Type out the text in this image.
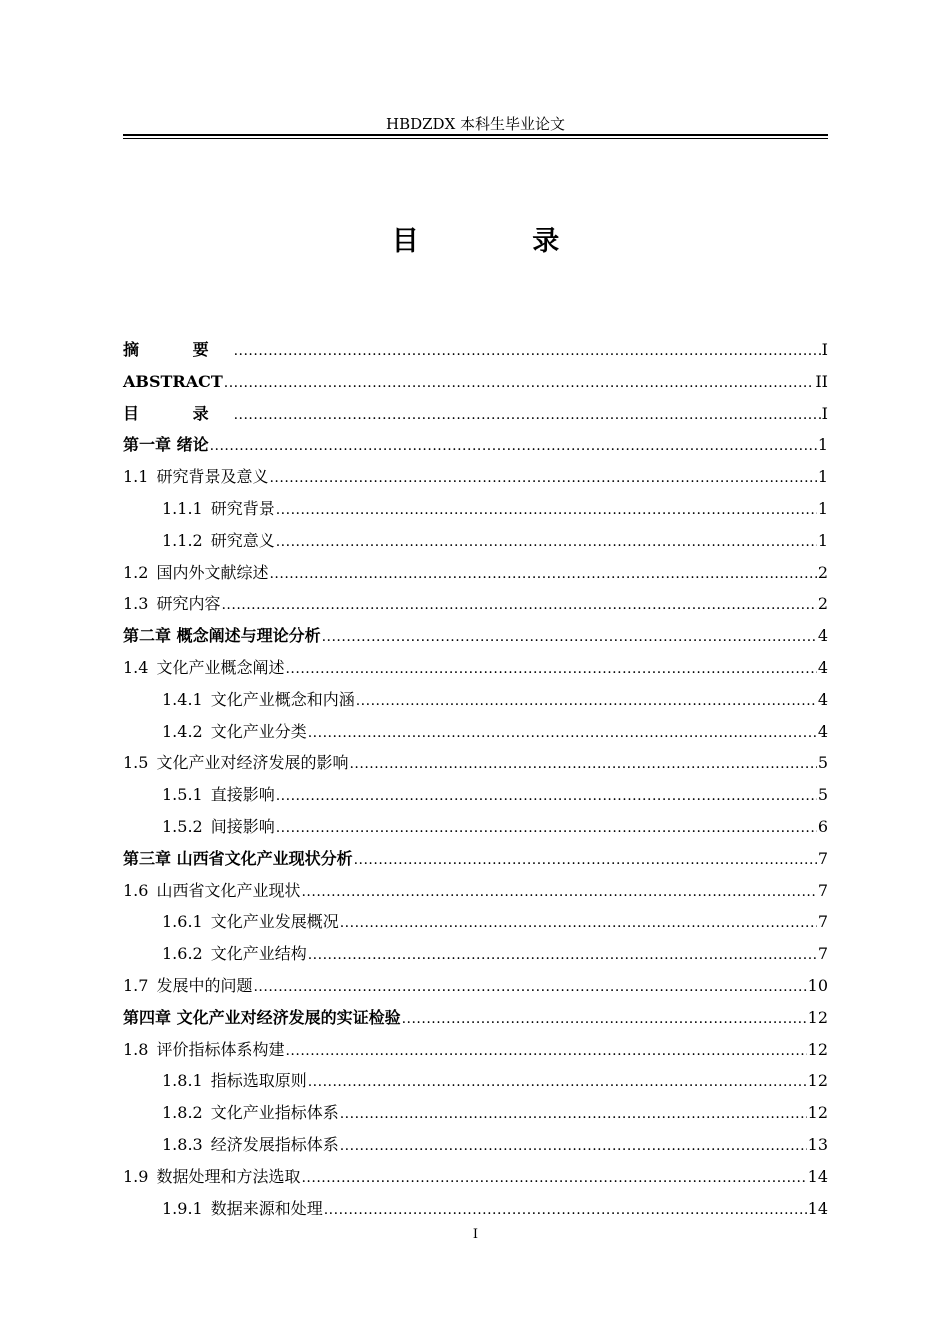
HBDZDX 本科生毕业论文
目 录
摘 要 .....	I
ABSTRACT .....	II
目 录 .....	I
第一章 绪论 .....	1
1.1 研究背景及意义 .....	1
1.1.1 研究背景 .....	1
1.1.2 研究意义 .....	1
1.2 国内外文献综述 .....	2
1.3 研究内容 .....	2
第二章 概念阐述与理论分析 .....	4
1.4 文化产业概念阐述 .....	4
1.4.1 文化产业概念和内涵 .....	4
1.4.2 文化产业分类 .....	4
1.5 文化产业对经济发展的影响 .....	5
1.5.1 直接影响 .....	5
1.5.2 间接影响 .....	6
第三章 山西省文化产业现状分析 .....	7
1.6 山西省文化产业现状 .....	7
1.6.1 文化产业发展概况 .....	7
1.6.2 文化产业结构 .....	7
1.7 发展中的问题 .....	10
第四章 文化产业对经济发展的实证检验 .....	12
1.8 评价指标体系构建 .....	12
1.8.1 指标选取原则 .....	12
1.8.2 文化产业指标体系 .....	12
1.8.3 经济发展指标体系 .....	13
1.9 数据处理和方法选取 .....	14
1.9.1 数据来源和处理 .....	14
I
